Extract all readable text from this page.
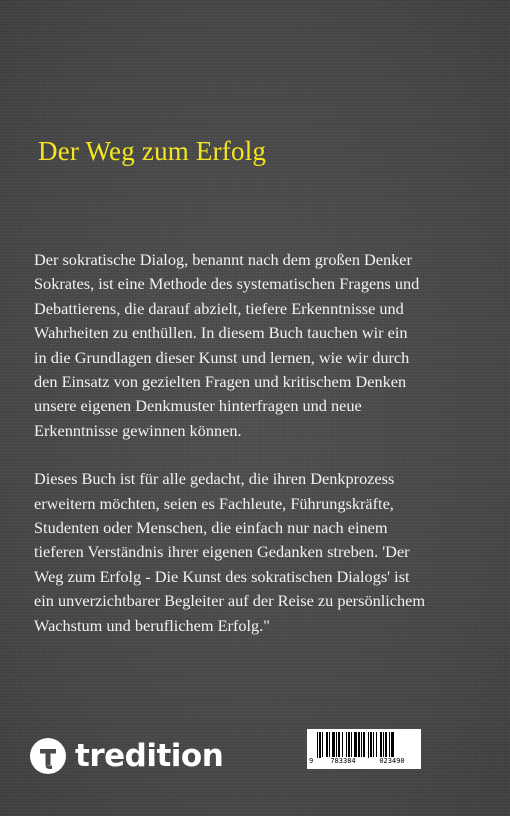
Der Weg zum Erfolg

Der sokratische Dialog, benannt nach dem großen Denker
Sokrates, ist eine Methode des systematischen Fragens und
Debattierens, die darauf abzielt, tiefere Erkenntnisse und
Wahrheiten zu enthüllen. In diesem Buch tauchen wir ein
in die Grundlagen dieser Kunst und lernen, wie wir durch
den Einsatz von gezielten Fragen und kritischem Denken
unsere eigenen Denkmuster hinterfragen und neue
Erkenntnisse gewinnen können.

Dieses Buch ist für alle gedacht, die ihren Denkprozess
erweitern möchten, seien es Fachleute, Führungskräfte,
Studenten oder Menschen, die einfach nur nach einem
tieferen Verständnis ihrer eigenen Gedanken streben. 'Der
Weg zum Erfolg - Die Kunst des sokratischen Dialogs' ist
ein unverzichtbarer Begleiter auf der Reise zu persönlichem
Wachstum und beruflichem Erfolg."

tredition	9	783384	023490
